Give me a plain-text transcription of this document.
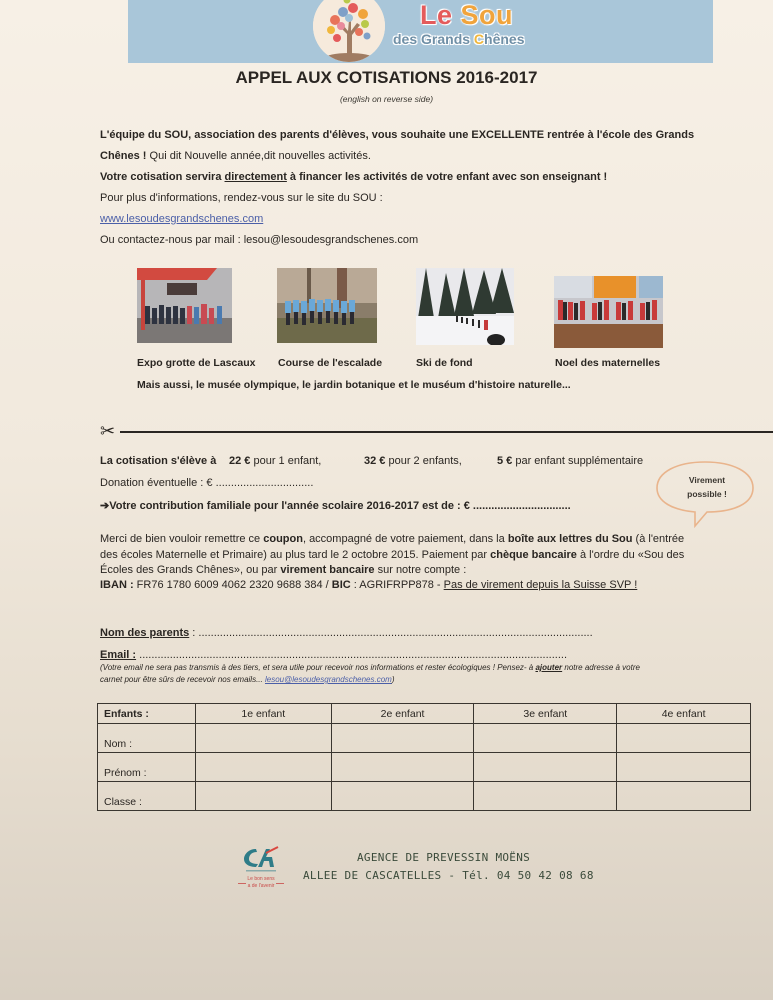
Le Sou
des Grands Chênes
APPEL AUX COTISATIONS 2016-2017
(english on reverse side)
L'équipe du SOU, association des parents d'élèves, vous souhaite une EXCELLENTE rentrée à l'école des Grands
Chênes ! Qui dit Nouvelle année,dit nouvelles activités.
Votre cotisation servira directement à financer les activités de votre enfant avec son enseignant !
Pour plus d'informations, rendez-vous sur le site du SOU :
www.lesoudesgrandschenes.com
Ou contactez-nous par mail : lesou@lesoudesgrandschenes.com
Expo grotte de Lascaux Course de l'escalade	Ski de fond	Noel des maternelles
Mais aussi, le musée olympique, le jardin botanique et le muséum d'histoire naturelle...
✂
La cotisation s'élève à 22 € pour 1 enfant,	32 € pour 2 enfants,	5 € par enfant supplémentaire
Donation éventuelle : € ................................
➔Votre contribution familiale pour l'année scolaire 2016-2017 est de : € ................................
Virement
possible !
Merci de bien vouloir remettre ce coupon, accompagné de votre paiement, dans la boîte aux lettres du Sou (à l'entrée
des écoles Maternelle et Primaire) au plus tard le 2 octobre 2015. Paiement par chèque bancaire à l'ordre du «Sou des
Écoles des Grands Chênes», ou par virement bancaire sur notre compte :
IBAN : FR76 1780 6009 4062 2320 9688 384 / BIC : AGRIFRPP878 - Pas de virement depuis la Suisse SVP !
Nom des parents : .................................................................................................................................
Email : ............................................................................................................................................
(Votre email ne sera pas transmis à des tiers, et sera utile pour recevoir nos informations et rester écologiques ! Pensez- à ajouter notre adresse à votre
carnet pour être sûrs de recevoir nos emails... lesou@lesoudesgrandschenes.com)
Enfants :	1e enfant	2e enfant	3e enfant	4e enfant
Nom :				
Prénom :				
Classe :				
Le bon sens
a de l'avenir
AGENCE DE PREVESSIN MOËNS
ALLEE DE CASCATELLES - Tél. 04 50 42 08 68
